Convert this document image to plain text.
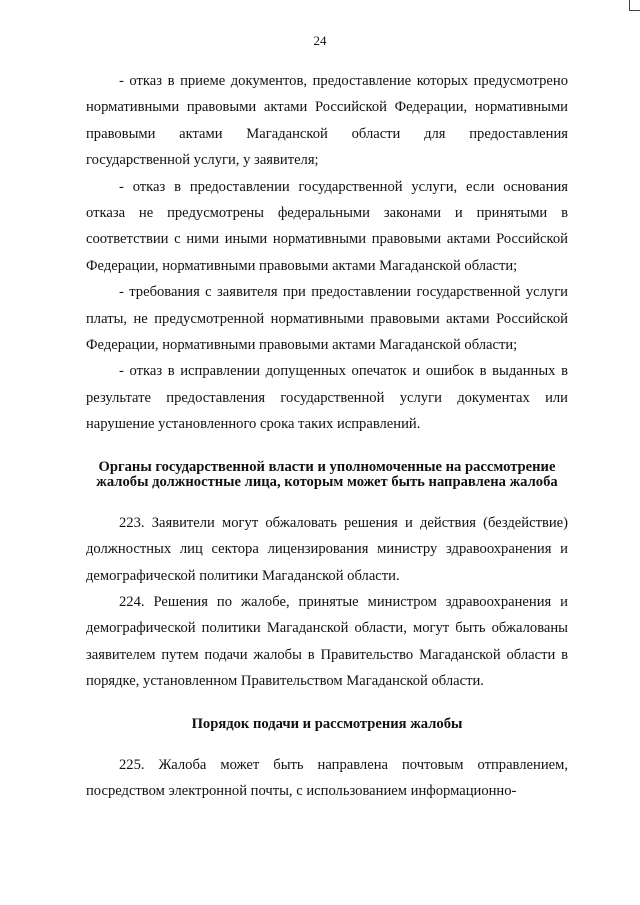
24

- отказ в приеме документов, предоставление которых предусмотрено нормативными правовыми актами Российской Федерации, нормативными правовыми актами Магаданской области для предоставления государственной услуги, у заявителя;

- отказ в предоставлении государственной услуги, если основания отказа не предусмотрены федеральными законами и принятыми в соответствии с ними иными нормативными правовыми актами Российской Федерации, нормативными правовыми актами Магаданской области;

- требования с заявителя при предоставлении государственной услуги платы, не предусмотренной нормативными правовыми актами Российской Федерации, нормативными правовыми актами Магаданской области;

- отказ в исправлении допущенных опечаток и ошибок в выданных в результате предоставления государственной услуги документах или нарушение установленного срока таких исправлений.

Органы государственной власти и уполномоченные на рассмотрение жалобы должностные лица, которым может быть направлена жалоба

223. Заявители могут обжаловать решения и действия (бездействие) должностных лиц сектора лицензирования министру здравоохранения и демографической политики Магаданской области.

224. Решения по жалобе, принятые министром здравоохранения и демографической политики Магаданской области, могут быть обжалованы заявителем путем подачи жалобы в Правительство Магаданской области в порядке, установленном Правительством Магаданской области.

Порядок подачи и рассмотрения жалобы

225. Жалоба может быть направлена почтовым отправлением, посредством электронной почты, с использованием информационно-
